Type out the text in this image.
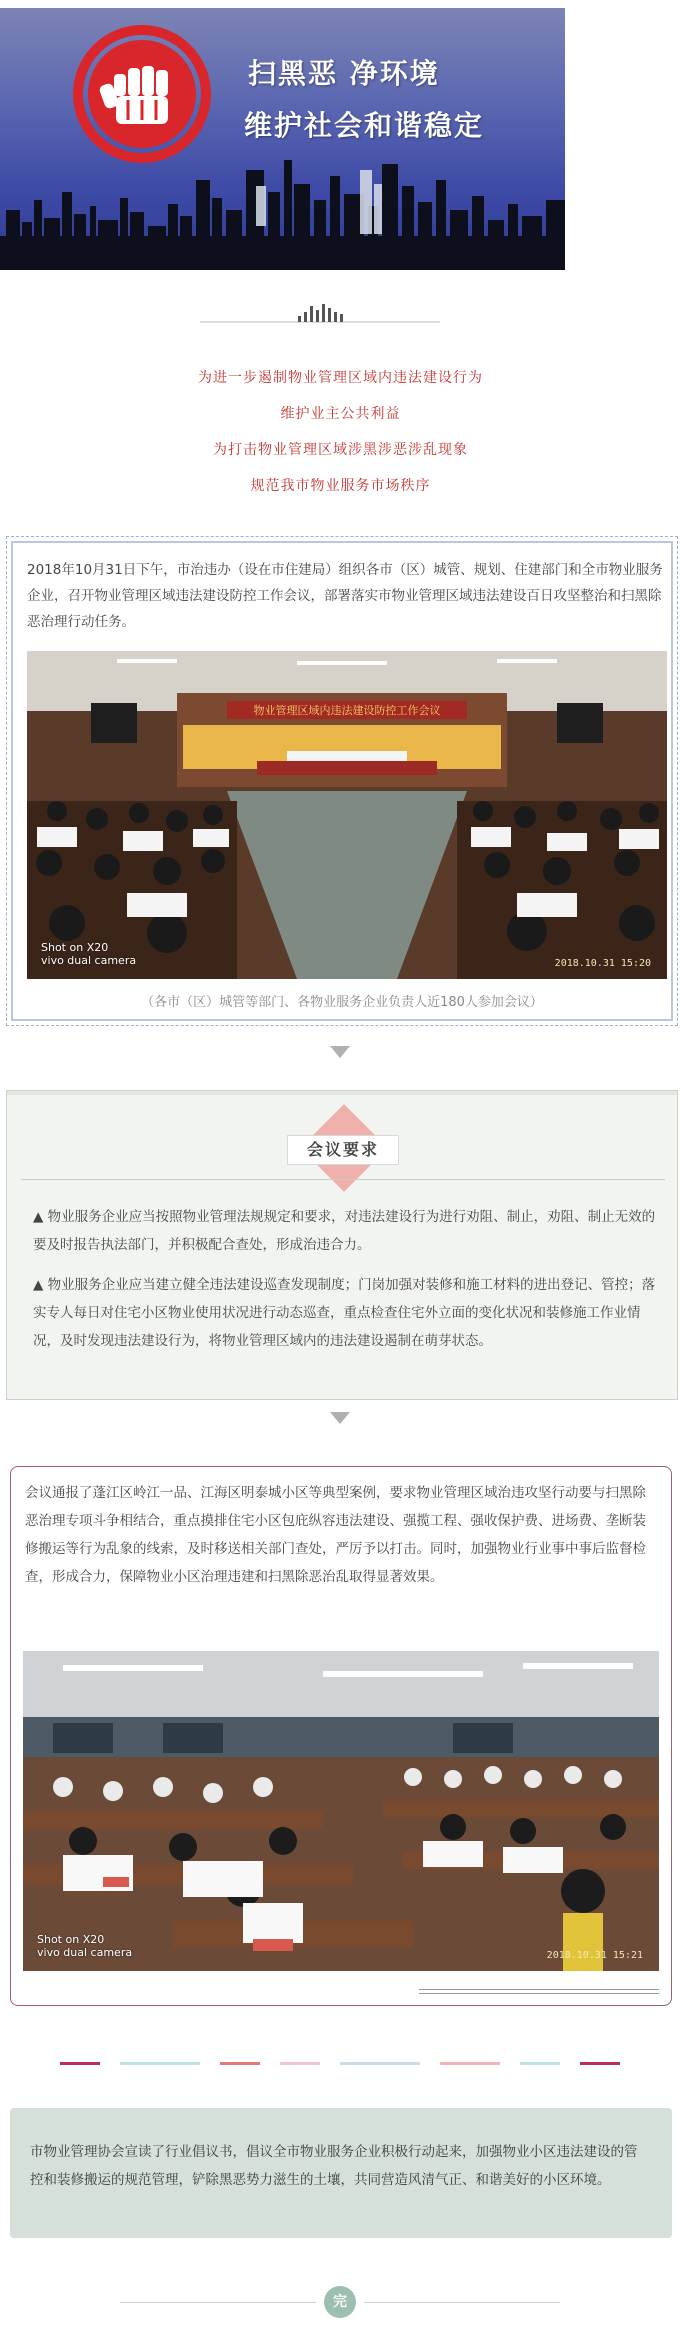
扫黑恶 净环境
维护社会和谐稳定
为进一步遏制物业管理区域内违法建设行为
维护业主公共利益
为打击物业管理区域涉黑涉恶涉乱现象
规范我市物业服务市场秩序

2018年10月31日下午，市治违办（设在市住建局）组织各市（区）城管、规划、住建部门和全市物业服务企业，召开物业管理区域违法建设防控工作会议，部署落实市物业管理区域违法建设百日攻坚整治和扫黑除恶治理行动任务。

物业管理区域内违法建设防控工作会议
Shot on X20
vivo dual camera	2018.10.31 15:20
（各市（区）城管等部门、各物业服务企业负责人近180人参加会议）
会议要求

▲ 物业服务企业应当按照物业管理法规规定和要求，对违法建设行为进行劝阻、制止，劝阻、制止无效的要及时报告执法部门，并积极配合查处，形成治违合力。

▲ 物业服务企业应当建立健全违法建设巡查发现制度；门岗加强对装修和施工材料的进出登记、管控；落实专人每日对住宅小区物业使用状况进行动态巡查，重点检查住宅外立面的变化状况和装修施工作业情况，及时发现违法建设行为，将物业管理区域内的违法建设遏制在萌芽状态。

会议通报了蓬江区岭江一品、江海区明泰城小区等典型案例，要求物业管理区域治违攻坚行动要与扫黑除恶治理专项斗争相结合，重点摸排住宅小区包庇纵容违法建设、强揽工程、强收保护费、进场费、垄断装修搬运等行为乱象的线索，及时移送相关部门查处，严厉予以打击。同时，加强物业行业事中事后监督检查，形成合力，保障物业小区治理违建和扫黑除恶治乱取得显著效果。

Shot on X20
vivo dual camera	2018.10.31 15:21

市物业管理协会宣读了行业倡议书，倡议全市物业服务企业积极行动起来，加强物业小区违法建设的管控和装修搬运的规范管理，铲除黑恶势力滋生的土壤，共同营造风清气正、和谐美好的小区环境。

完
